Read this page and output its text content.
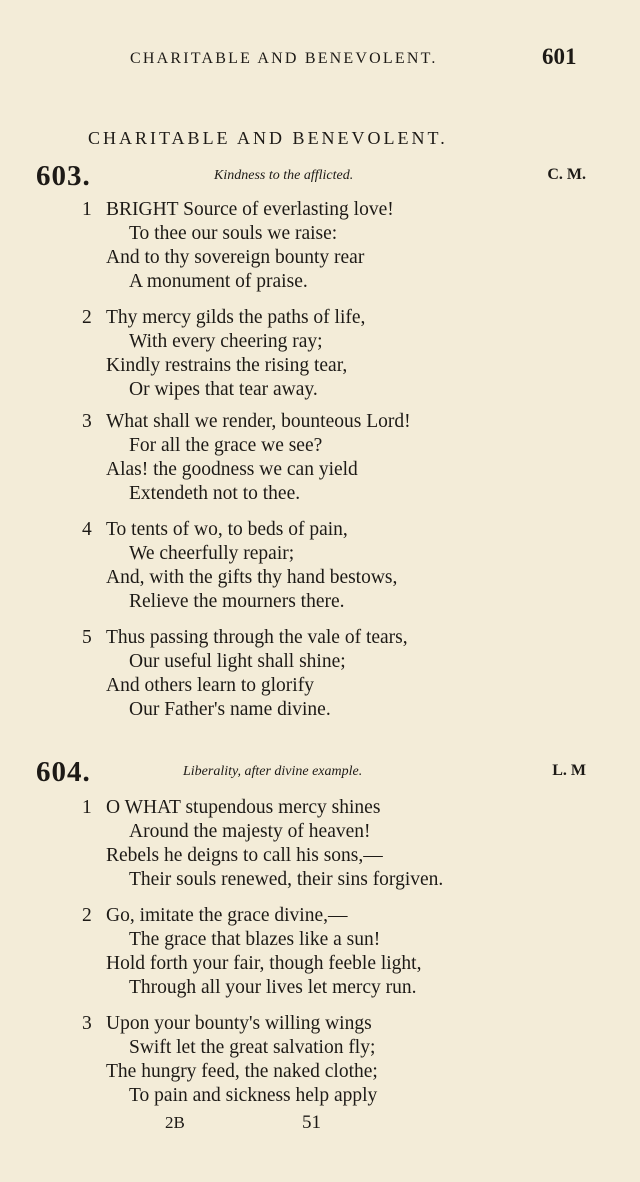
CHARITABLE AND BENEVOLENT.	601
CHARITABLE AND BENEVOLENT.
603.	Kindness to the afflicted.	C. M.
1 BRIGHT Source of everlasting love!
To thee our souls we raise:
And to thy sovereign bounty rear
A monument of praise.
2 Thy mercy gilds the paths of life,
With every cheering ray;
Kindly restrains the rising tear,
Or wipes that tear away.
3 What shall we render, bounteous Lord!
For all the grace we see?
Alas! the goodness we can yield
Extendeth not to thee.
4 To tents of wo, to beds of pain,
We cheerfully repair;
And, with the gifts thy hand bestows,
Relieve the mourners there.
5 Thus passing through the vale of tears,
Our useful light shall shine;
And others learn to glorify
Our Father's name divine.
604.	Liberality, after divine example.	L. M
1 O WHAT stupendous mercy shines
Around the majesty of heaven!
Rebels he deigns to call his sons,—
Their souls renewed, their sins forgiven.
2 Go, imitate the grace divine,—
The grace that blazes like a sun!
Hold forth your fair, though feeble light,
Through all your lives let mercy run.
3 Upon your bounty's willing wings
Swift let the great salvation fly;
The hungry feed, the naked clothe;
To pain and sickness help apply
2B	51
